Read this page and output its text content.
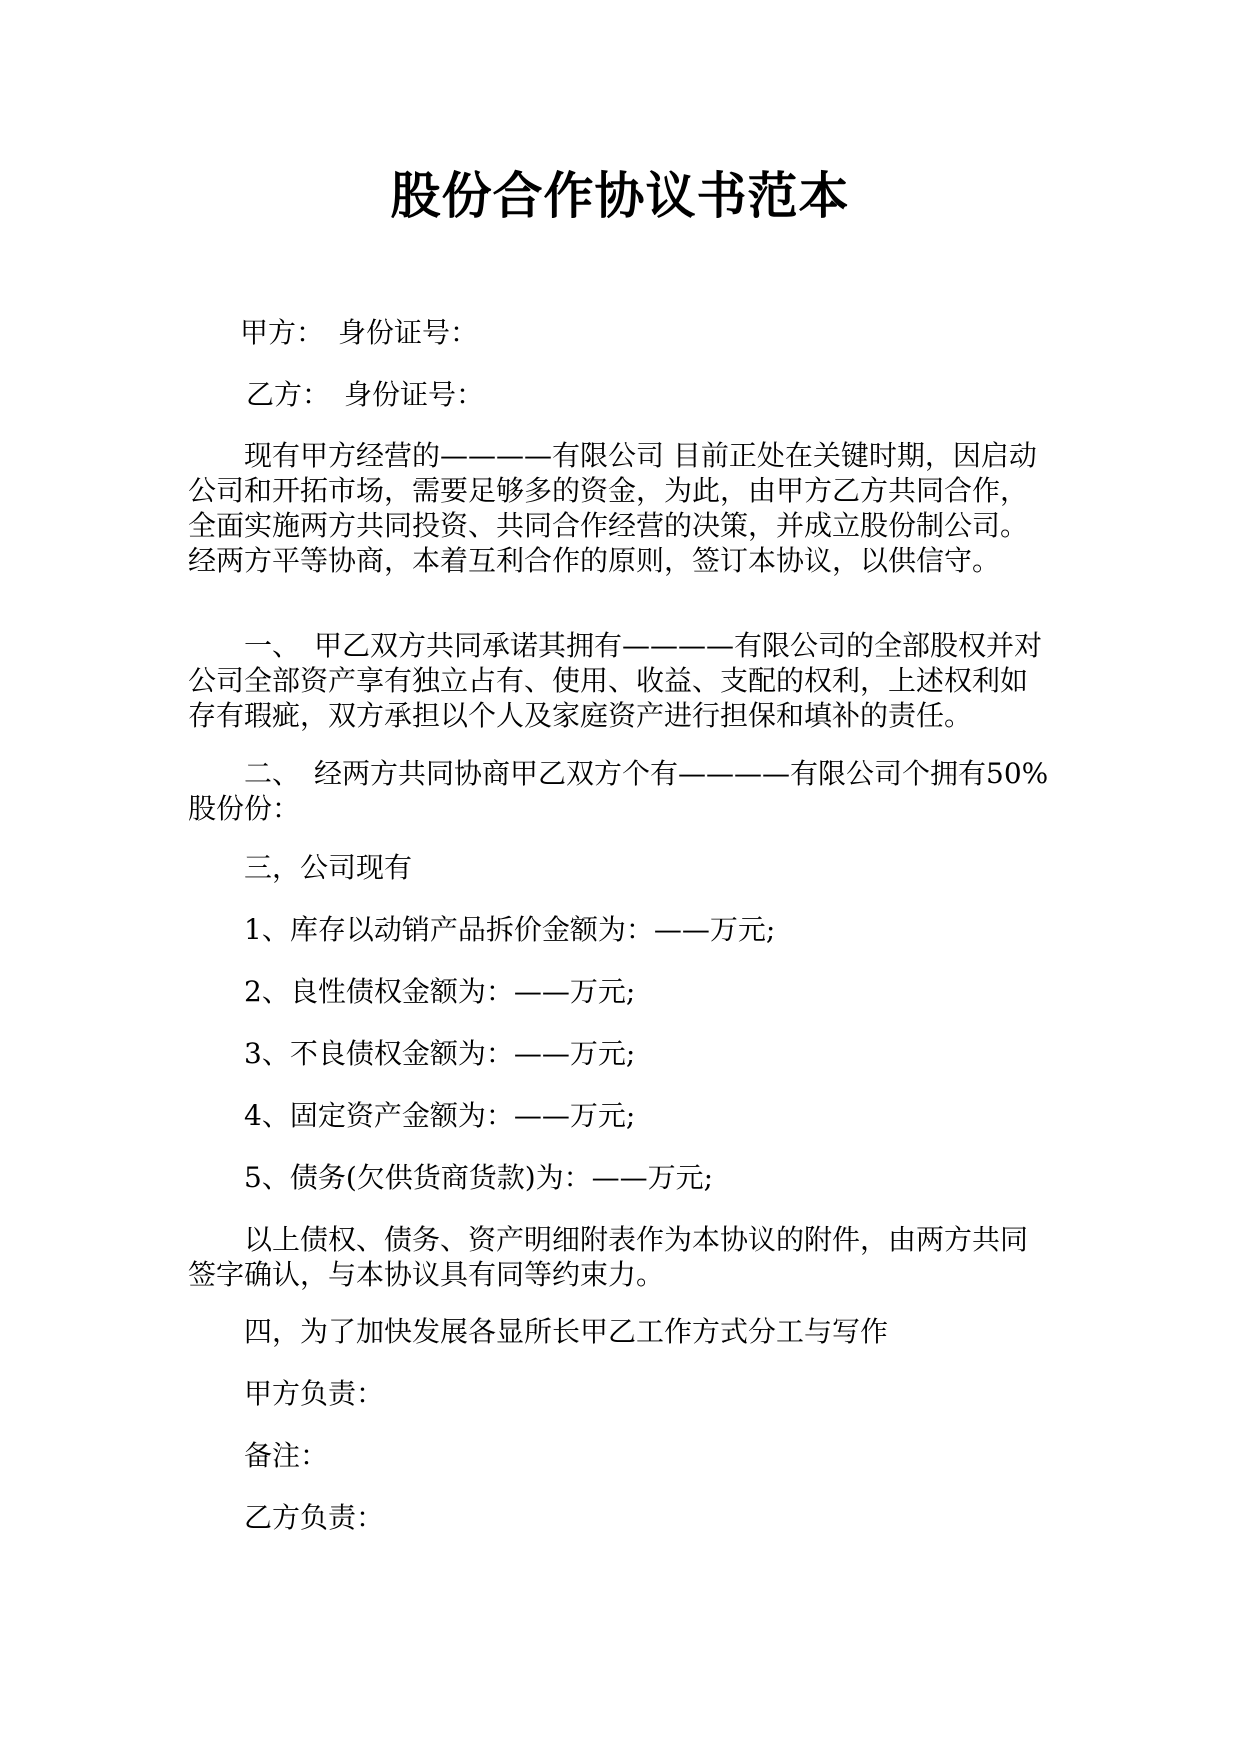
股份合作协议书范本

甲方：　身份证号：

乙方：　身份证号：

现有甲方经营的————有限公司 目前正处在关键时期，因启动公司和开拓市场，需要足够多的资金，为此，由甲方乙方共同合作，全面实施两方共同投资、共同合作经营的决策，并成立股份制公司。经两方平等协商，本着互利合作的原则，签订本协议，以供信守。

一、　甲乙双方共同承诺其拥有————有限公司的全部股权并对公司全部资产享有独立占有、使用、收益、支配的权利，上述权利如存有瑕疵，双方承担以个人及家庭资产进行担保和填补的责任。

二、　经两方共同协商甲乙双方个有————有限公司个拥有50%股份份：

三，公司现有

1、库存以动销产品拆价金额为：——万元;

2、良性债权金额为：——万元;

3、不良债权金额为：——万元;

4、固定资产金额为：——万元;

5、债务(欠供货商货款)为：——万元;

以上债权、债务、资产明细附表作为本协议的附件，由两方共同签字确认，与本协议具有同等约束力。

四，为了加快发展各显所长甲乙工作方式分工与写作

甲方负责：

备注：

乙方负责：
